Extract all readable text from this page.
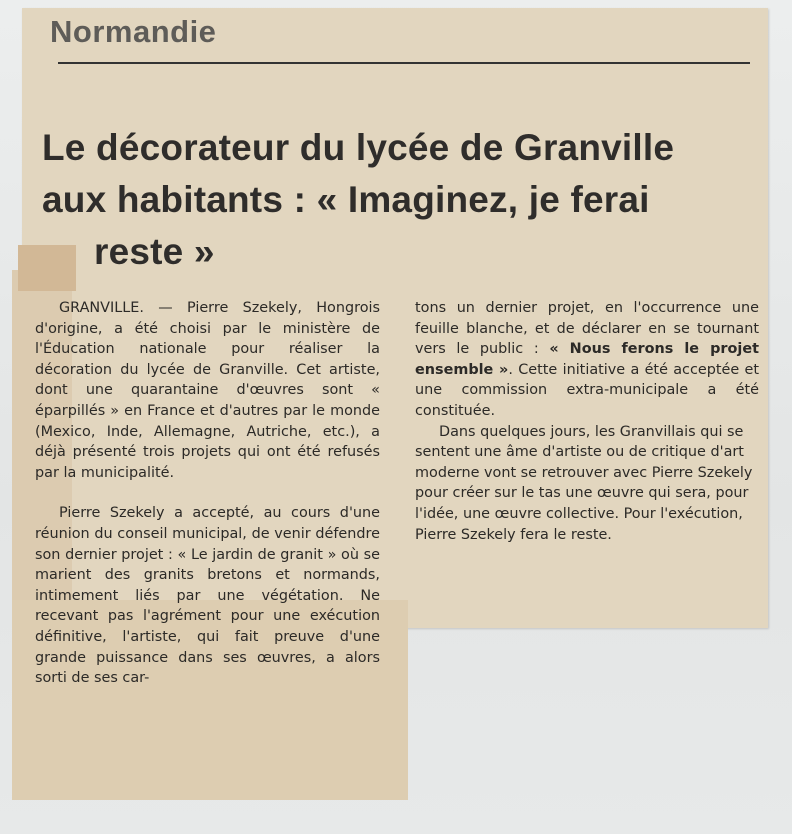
Normandie
Le décorateur du lycée de Granville
aux habitants : « Imaginez, je ferai
reste »

GRANVILLE. — Pierre Szekely, Hongrois d'origine, a été choisi par le ministère de l'Éducation nationale pour réaliser la décoration du lycée de Granville. Cet artiste, dont une quarantaine d'œuvres sont « éparpillés » en France et d'autres par le monde (Mexico, Inde, Allemagne, Autriche, etc.), a déjà présenté trois projets qui ont été refusés par la municipalité.

Pierre Szekely a accepté, au cours d'une réunion du conseil municipal, de venir défendre son dernier projet : « Le jardin de granit » où se marient des granits bretons et normands, intimement liés par une végétation. Ne recevant pas l'agrément pour une exécution définitive, l'artiste, qui fait preuve d'une grande puissance dans ses œuvres, a alors sorti de ses car-

tons un dernier projet, en l'occurrence une feuille blanche, et de déclarer en se tournant vers le public : « Nous ferons le projet ensemble ». Cette initiative a été acceptée et une commission extra-municipale a été constituée.

Dans quelques jours, les Granvillais qui se sentent une âme d'artiste ou de critique d'art moderne vont se retrouver avec Pierre Szekely pour créer sur le tas une œuvre qui sera, pour l'idée, une œuvre collective. Pour l'exécution, Pierre Szekely fera le reste.
